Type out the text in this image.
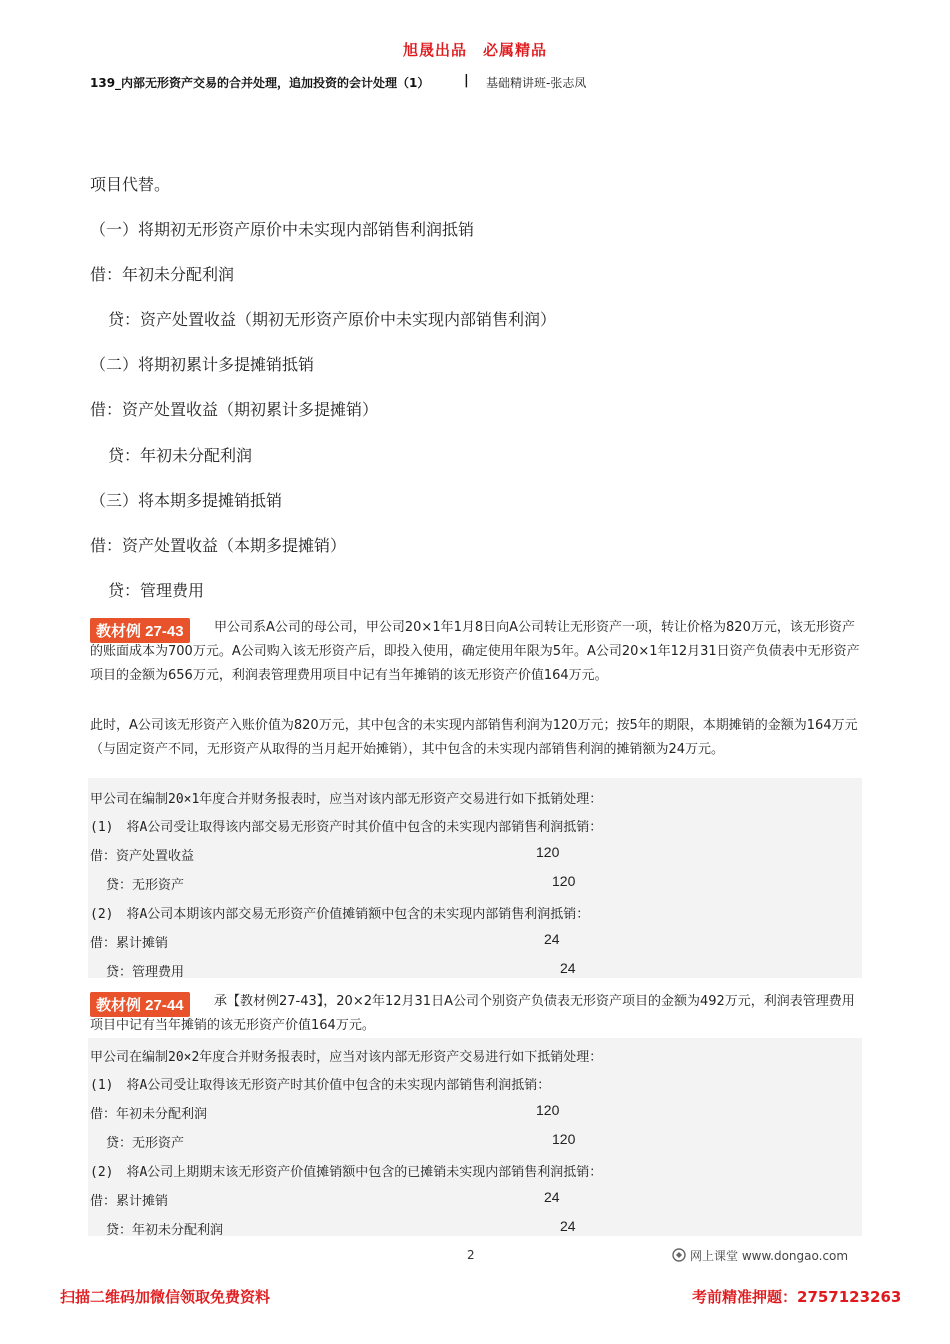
旭晟出品　必属精品
139_内部无形资产交易的合并处理，追加投资的会计处理（1）	| 基础精讲班-张志凤
项目代替。
（一）将期初无形资产原价中未实现内部销售利润抵销
借：年初未分配利润
贷：资产处置收益（期初无形资产原价中未实现内部销售利润）
（二）将期初累计多提摊销抵销
借：资产处置收益（期初累计多提摊销）
贷：年初未分配利润
（三）将本期多提摊销抵销
借：资产处置收益（本期多提摊销）
贷：管理费用
教材例 27-43	甲公司系A公司的母公司，甲公司20×1年1月8日向A公司转让无形资产一项，转让价格为820万元，该无形资产的账面成本为700万元。A公司购入该无形资产后，即投入使用，确定使用年限为5年。A公司20×1年12月31日资产负债表中无形资产项目的金额为656万元，利润表管理费用项目中记有当年摊销的该无形资产价值164万元。
此时，A公司该无形资产入账价值为820万元，其中包含的未实现内部销售利润为120万元；按5年的期限，本期摊销的金额为164万元（与固定资产不同，无形资产从取得的当月起开始摊销），其中包含的未实现内部销售利润的摊销额为24万元。
甲公司在编制20×1年度合并财务报表时，应当对该内部无形资产交易进行如下抵销处理：
(1)　将A公司受让取得该内部交易无形资产时其价值中包含的未实现内部销售利润抵销：
借：资产处置收益	120
贷：无形资产	120
(2)　将A公司本期该内部交易无形资产价值摊销额中包含的未实现内部销售利润抵销：
借：累计摊销	24
贷：管理费用	24
教材例 27-44	承【教材例27-43】，20×2年12月31日A公司个别资产负债表无形资产项目的金额为492万元，利润表管理费用项目中记有当年摊销的该无形资产价值164万元。
甲公司在编制20×2年度合并财务报表时，应当对该内部无形资产交易进行如下抵销处理：
(1)　将A公司受让取得该无形资产时其价值中包含的未实现内部销售利润抵销：
借：年初未分配利润	120
贷：无形资产	120
(2)　将A公司上期期末该无形资产价值摊销额中包含的已摊销未实现内部销售利润抵销：
借：累计摊销	24
贷：年初未分配利润	24
2	网上课堂 www.dongao.com
扫描二维码加微信领取免费资料	考前精准押题：2757123263
